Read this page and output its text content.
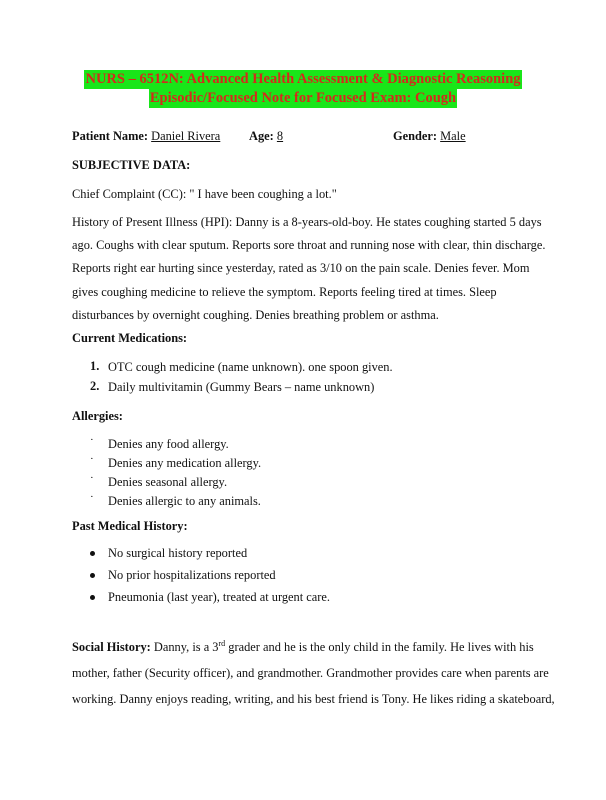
NURS – 6512N: Advanced Health Assessment & Diagnostic Reasoning
Episodic/Focused Note for Focused Exam: Cough
Patient Name: Daniel Rivera Age: 8	Gender: Male
SUBJECTIVE DATA:
Chief Complaint (CC): " I have been coughing a lot."

History of Present Illness (HPI): Danny is a 8-years-old-boy. He states coughing started 5 days

ago. Coughs with clear sputum. Reports sore throat and running nose with clear, thin discharge.

Reports right ear hurting since yesterday, rated as 3/10 on the pain scale. Denies fever. Mom

gives coughing medicine to relieve the symptom. Reports feeling tired at times. Sleep

disturbances by overnight coughing. Denies breathing problem or asthma.

Current Medications:
1. OTC cough medicine (name unknown). one spoon given.
2. Daily multivitamin (Gummy Bears – name unknown)
Allergies:
· Denies any food allergy.
· Denies any medication allergy.
· Denies seasonal allergy.
· Denies allergic to any animals.
Past Medical History:
No surgical history reported
No prior hospitalizations reported
Pneumonia (last year), treated at urgent care.

Social History: Danny, is a 3rd grader and he is the only child in the family. He lives with his

mother, father (Security officer), and grandmother. Grandmother provides care when parents are

working. Danny enjoys reading, writing, and his best friend is Tony. He likes riding a skateboard,
